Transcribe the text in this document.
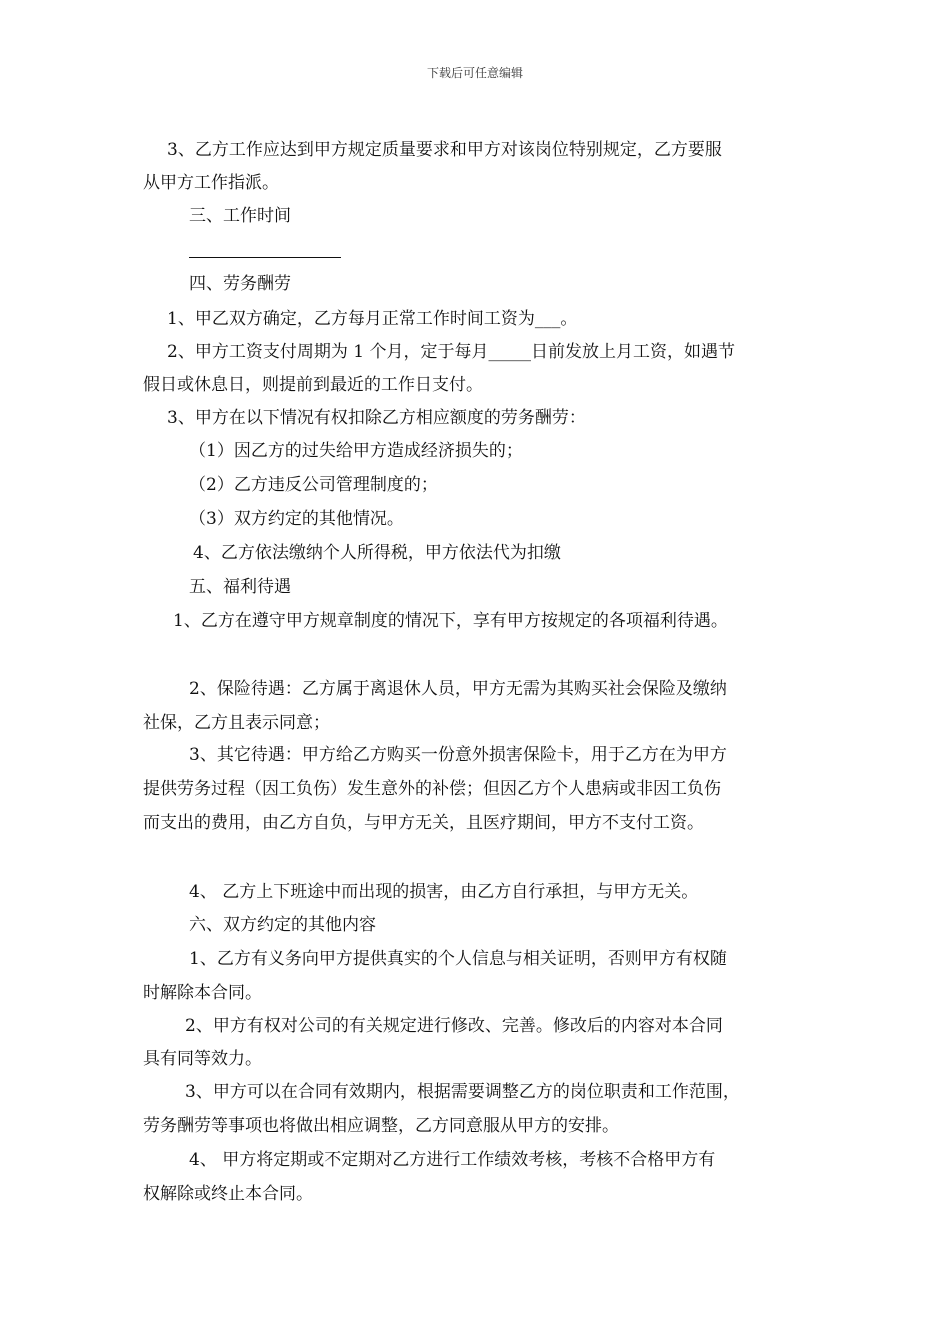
下载后可任意编辑
3、乙方工作应达到甲方规定质量要求和甲方对该岗位特别规定，乙方要服
从甲方工作指派。
三、工作时间
四、劳务酬劳
1、甲乙双方确定，乙方每月正常工作时间工资为___。
2、甲方工资支付周期为 1 个月，定于每月_____日前发放上月工资，如遇节
假日或休息日，则提前到最近的工作日支付。
3、甲方在以下情况有权扣除乙方相应额度的劳务酬劳：
（1）因乙方的过失给甲方造成经济损失的；
（2）乙方违反公司管理制度的；
（3）双方约定的其他情况。
4、乙方依法缴纳个人所得税，甲方依法代为扣缴
五、福利待遇
1、乙方在遵守甲方规章制度的情况下，享有甲方按规定的各项福利待遇。
2、保险待遇：乙方属于离退休人员，甲方无需为其购买社会保险及缴纳
社保，乙方且表示同意；
3、其它待遇：甲方给乙方购买一份意外损害保险卡，用于乙方在为甲方
提供劳务过程（因工负伤）发生意外的补偿；但因乙方个人患病或非因工负伤
而支出的费用，由乙方自负，与甲方无关，且医疗期间，甲方不支付工资。
4、 乙方上下班途中而出现的损害，由乙方自行承担，与甲方无关。
六、双方约定的其他内容
1、乙方有义务向甲方提供真实的个人信息与相关证明，否则甲方有权随
时解除本合同。
2、甲方有权对公司的有关规定进行修改、完善。修改后的内容对本合同
具有同等效力。
3、甲方可以在合同有效期内，根据需要调整乙方的岗位职责和工作范围，
劳务酬劳等事项也将做出相应调整，乙方同意服从甲方的安排。
4、 甲方将定期或不定期对乙方进行工作绩效考核，考核不合格甲方有
权解除或终止本合同。
